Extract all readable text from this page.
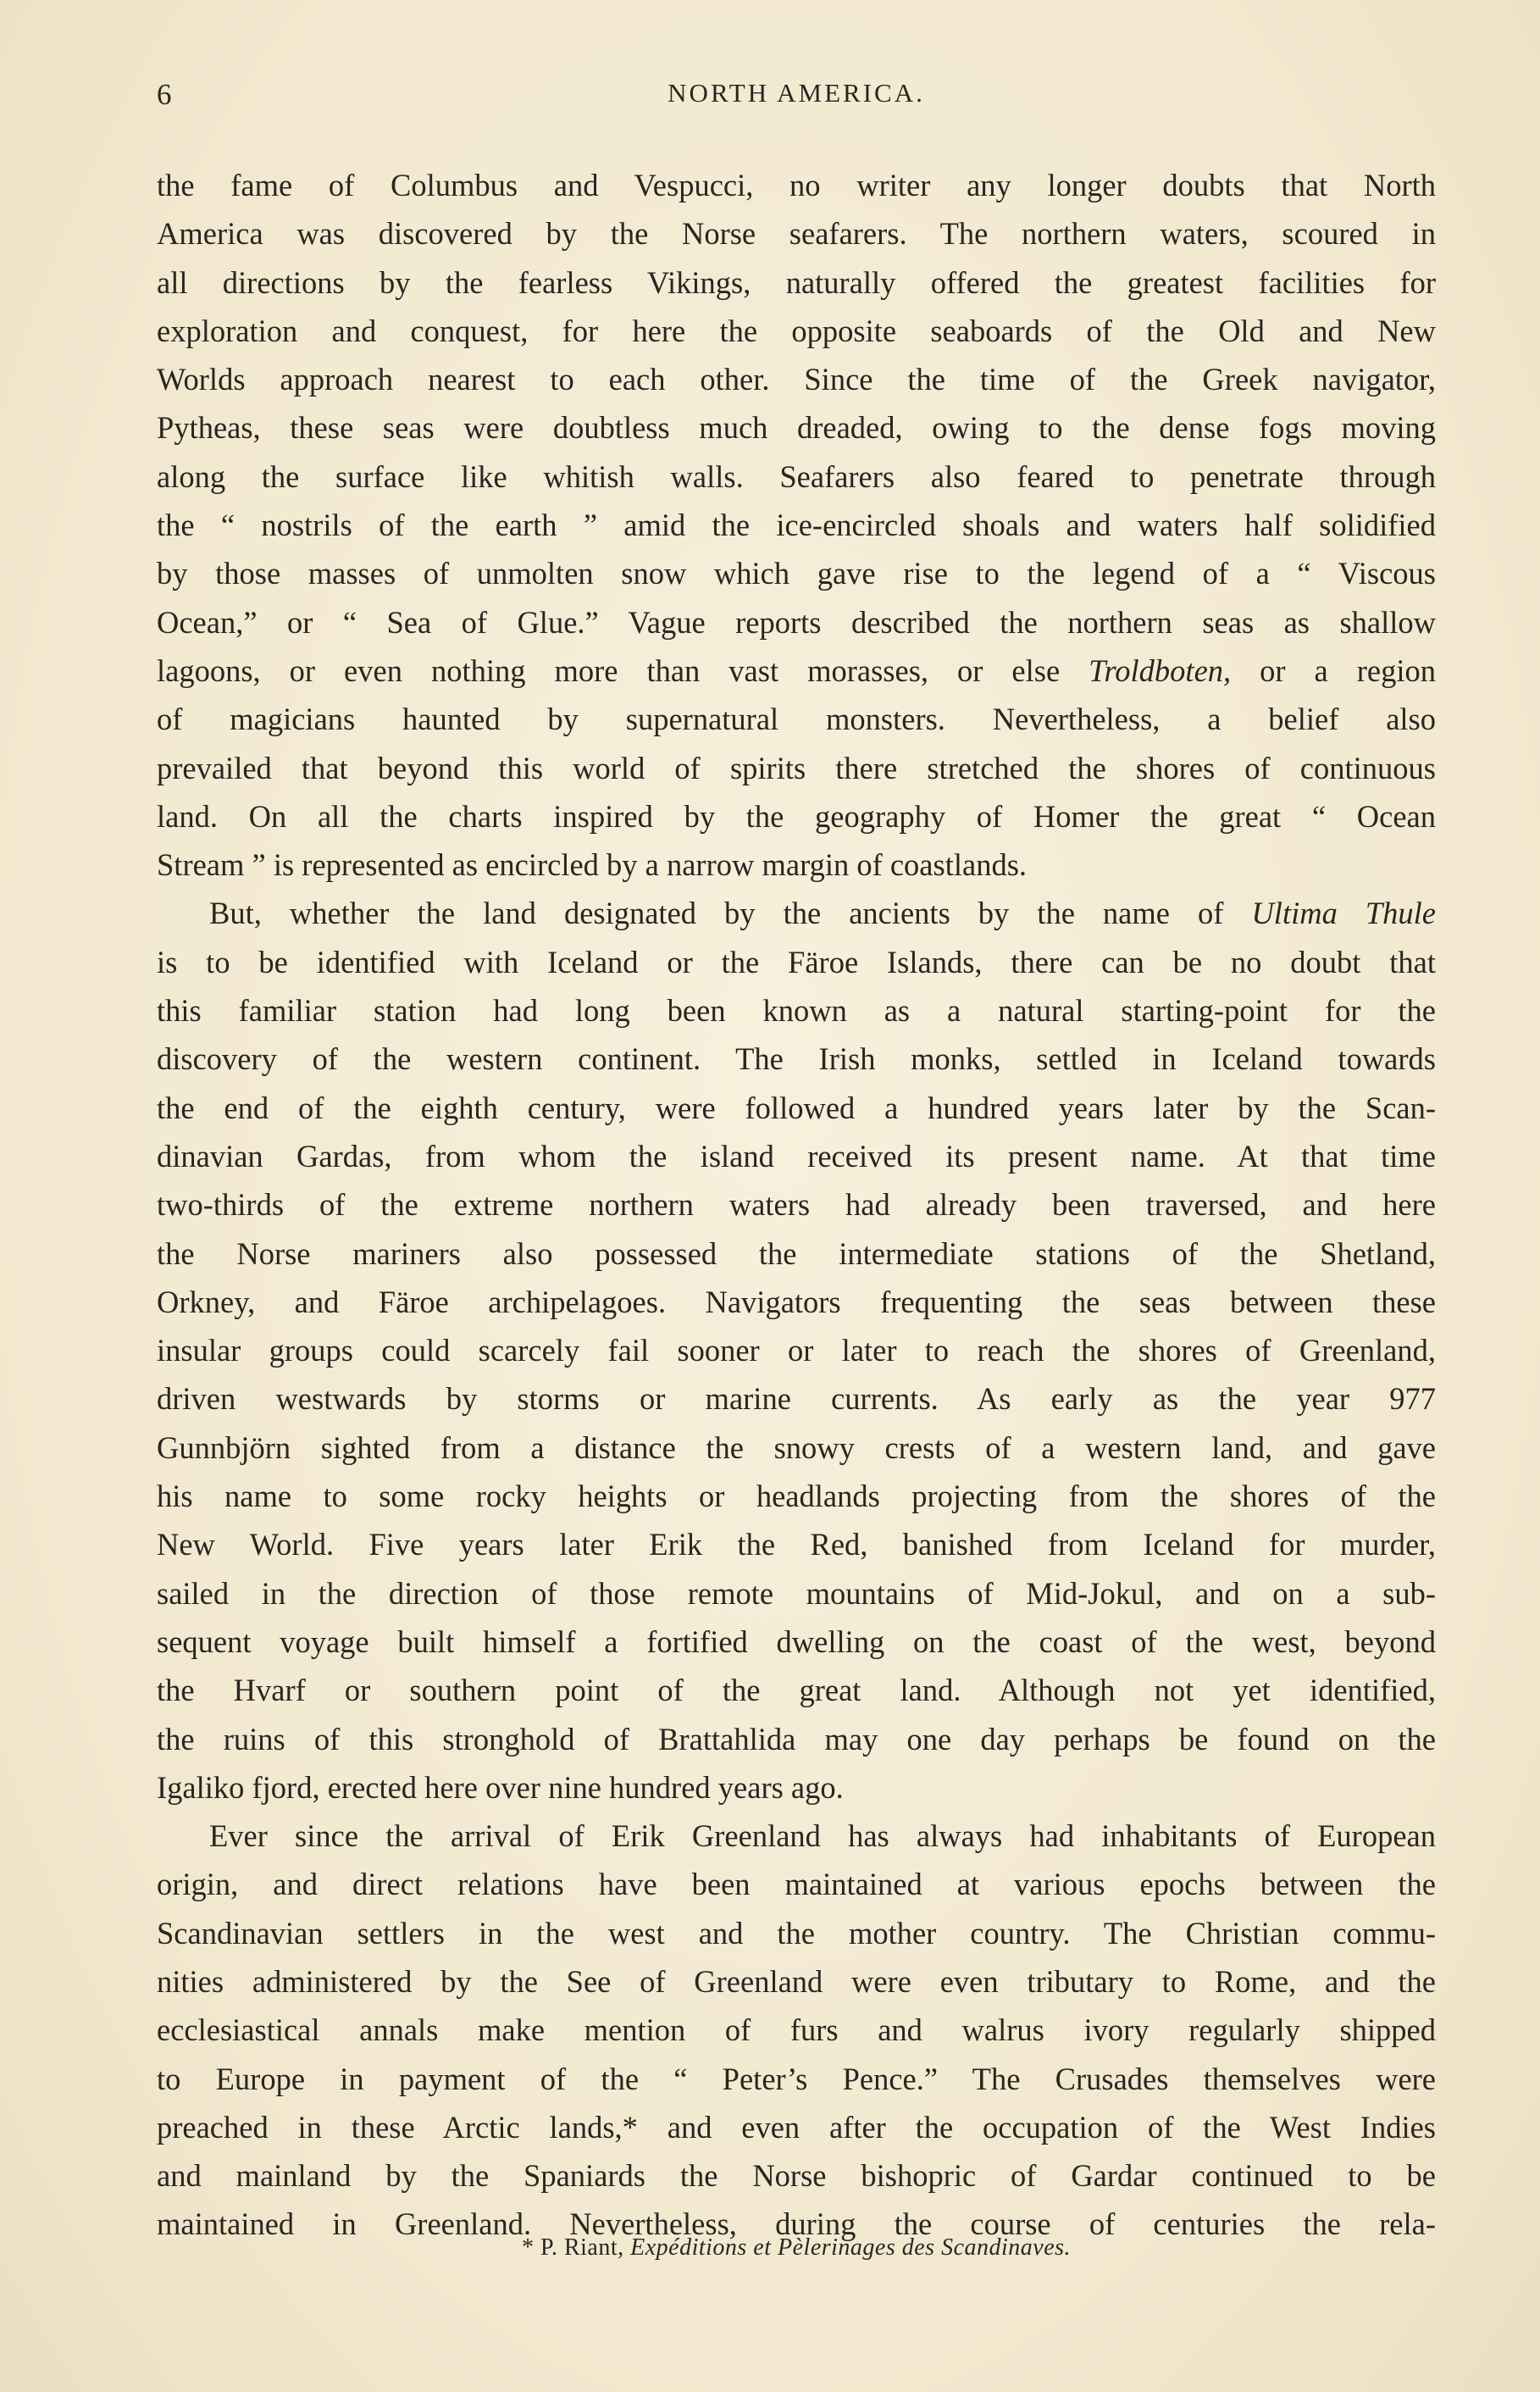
6	NORTH AMERICA.

the fame of Columbus and Vespucci, no writer any longer doubts that North
America was discovered by the Norse seafarers. The northern waters, scoured in
all directions by the fearless Vikings, naturally offered the greatest facilities for
exploration and conquest, for here the opposite seaboards of the Old and New
Worlds approach nearest to each other. Since the time of the Greek navigator,
Pytheas, these seas were doubtless much dreaded, owing to the dense fogs moving
along the surface like whitish walls. Seafarers also feared to penetrate through
the “ nostrils of the earth ” amid the ice-encircled shoals and waters half solidified
by those masses of unmolten snow which gave rise to the legend of a “ Viscous
Ocean,” or “ Sea of Glue.” Vague reports described the northern seas as shallow
lagoons, or even nothing more than vast morasses, or else Troldboten, or a region
of magicians haunted by supernatural monsters. Nevertheless, a belief also
prevailed that beyond this world of spirits there stretched the shores of continuous
land. On all the charts inspired by the geography of Homer the great “ Ocean
Stream ” is represented as encircled by a narrow margin of coastlands.

But, whether the land designated by the ancients by the name of Ultima Thule
is to be identified with Iceland or the Färoe Islands, there can be no doubt that
this familiar station had long been known as a natural starting-point for the
discovery of the western continent. The Irish monks, settled in Iceland towards
the end of the eighth century, were followed a hundred years later by the Scan-
dinavian Gardas, from whom the island received its present name. At that time
two-thirds of the extreme northern waters had already been traversed, and here
the Norse mariners also possessed the intermediate stations of the Shetland,
Orkney, and Färoe archipelagoes. Navigators frequenting the seas between these
insular groups could scarcely fail sooner or later to reach the shores of Greenland,
driven westwards by storms or marine currents. As early as the year 977
Gunnbjörn sighted from a distance the snowy crests of a western land, and gave
his name to some rocky heights or headlands projecting from the shores of the
New World. Five years later Erik the Red, banished from Iceland for murder,
sailed in the direction of those remote mountains of Mid-Jokul, and on a sub-
sequent voyage built himself a fortified dwelling on the coast of the west, beyond
the Hvarf or southern point of the great land. Although not yet identified,
the ruins of this stronghold of Brattahlida may one day perhaps be found on the
Igaliko fjord, erected here over nine hundred years ago.

Ever since the arrival of Erik Greenland has always had inhabitants of European
origin, and direct relations have been maintained at various epochs between the
Scandinavian settlers in the west and the mother country. The Christian commu-
nities administered by the See of Greenland were even tributary to Rome, and the
ecclesiastical annals make mention of furs and walrus ivory regularly shipped
to Europe in payment of the “ Peter’s Pence.” The Crusades themselves were
preached in these Arctic lands,* and even after the occupation of the West Indies
and mainland by the Spaniards the Norse bishopric of Gardar continued to be
maintained in Greenland. Nevertheless, during the course of centuries the rela-

* P. Riant, Expéditions et Pèlerinages des Scandinaves.
